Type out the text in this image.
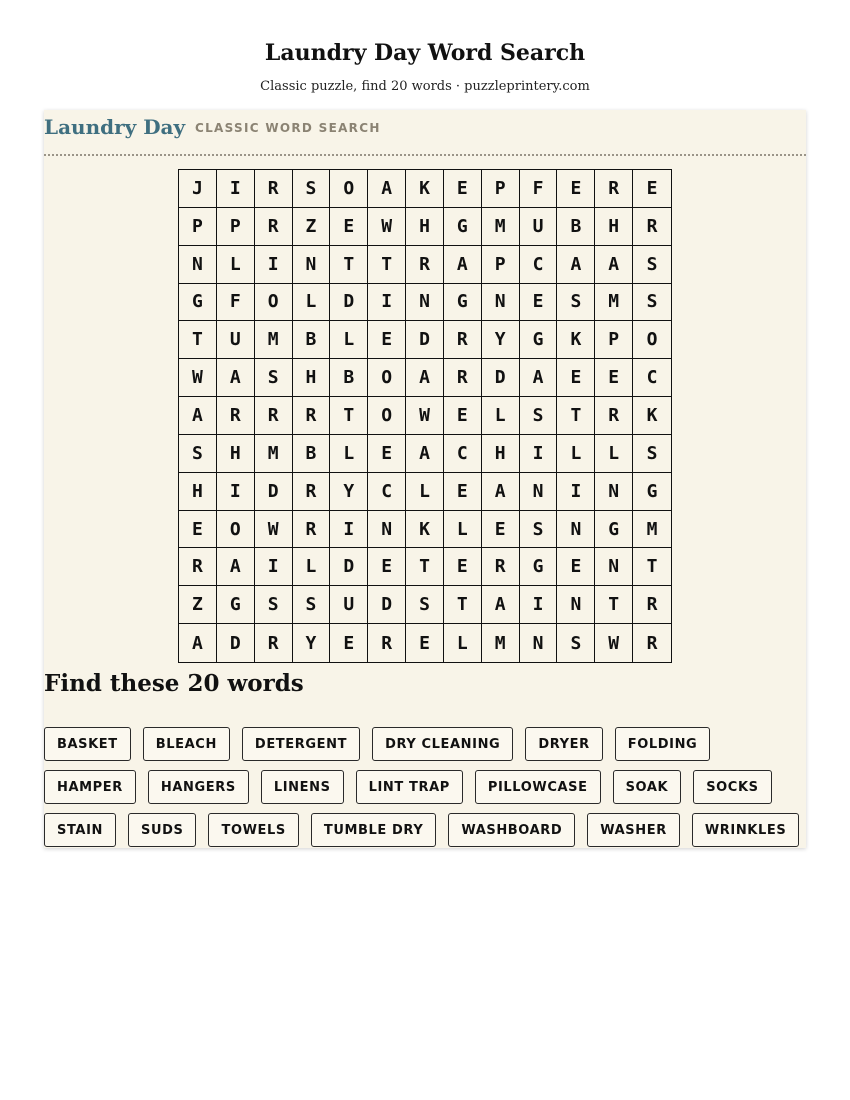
Laundry Day Word Search
Classic puzzle, find 20 words · puzzleprintery.com
Laundry Day CLASSIC WORD SEARCH
J	I	R	S	O	A	K	E	P	F	E	R	E
P	P	R	Z	E	W	H	G	M	U	B	H	R
N	L	I	N	T	T	R	A	P	C	A	A	S
G	F	O	L	D	I	N	G	N	E	S	M	S
T	U	M	B	L	E	D	R	Y	G	K	P	O
W	A	S	H	B	O	A	R	D	A	E	E	C
A	R	R	R	T	O	W	E	L	S	T	R	K
S	H	M	B	L	E	A	C	H	I	L	L	S
H	I	D	R	Y	C	L	E	A	N	I	N	G
E	O	W	R	I	N	K	L	E	S	N	G	M
R	A	I	L	D	E	T	E	R	G	E	N	T
Z	G	S	S	U	D	S	T	A	I	N	T	R
A	D	R	Y	E	R	E	L	M	N	S	W	R
Find these 20 words
BASKET	BLEACH	DETERGENT	DRY CLEANING	DRYER	FOLDING
HAMPER	HANGERS	LINENS	LINT TRAP	PILLOWCASE	SOAK	SOCKS
STAIN	SUDS	TOWELS	TUMBLE DRY	WASHBOARD	WASHER	WRINKLES
